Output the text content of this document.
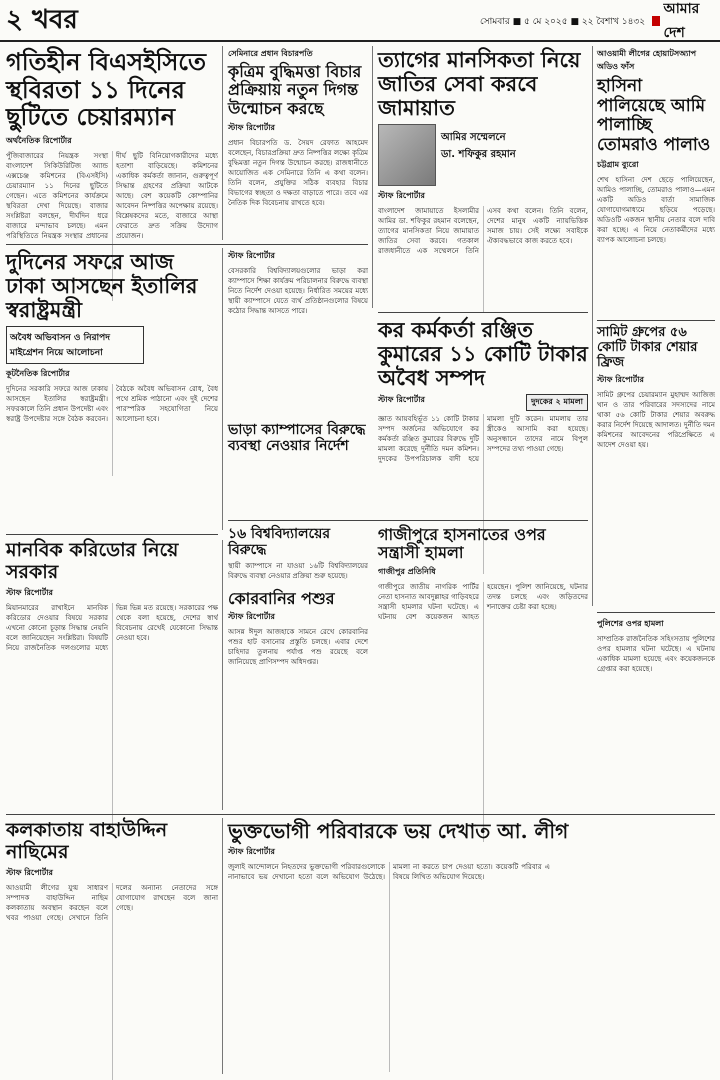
২ খবর	সোমবার ■ ৫ মে ২০২৫ ■ ২২ বৈশাখ ১৪৩২
আমার দেশ
গতিহীন বিএসইসিতে স্থবিরতা ১১ দিনের ছুটিতে চেয়ারম্যান
অর্থনৈতিক রিপোর্টার

পুঁজিবাজারের নিয়ন্ত্রক সংস্থা বাংলাদেশ সিকিউরিটিজ অ্যান্ড এক্সচেঞ্জ কমিশনের (বিএসইসি) চেয়ারম্যান ১১ দিনের ছুটিতে গেছেন। এতে কমিশনের কার্যক্রমে স্থবিরতা দেখা দিয়েছে। বাজার সংশ্লিষ্টরা বলছেন, দীর্ঘদিন ধরে বাজারে মন্দাভাব চলছে। এমন পরিস্থিতিতে নিয়ন্ত্রক সংস্থার প্রধানের দীর্ঘ ছুটি বিনিয়োগকারীদের মধ্যে হতাশা বাড়িয়েছে। কমিশনের একাধিক কর্মকর্তা জানান, গুরুত্বপূর্ণ সিদ্ধান্ত গ্রহণের প্রক্রিয়া আটকে আছে। বেশ কয়েকটি কোম্পানির আবেদন নিষ্পত্তির অপেক্ষায় রয়েছে। বিশ্লেষকদের মতে, বাজারে আস্থা ফেরাতে দ্রুত সক্রিয় উদ্যোগ প্রয়োজন।

সেমিনারে প্রধান বিচারপতি
কৃত্রিম বুদ্ধিমত্তা বিচার প্রক্রিয়ায় নতুন দিগন্ত উন্মোচন করছে
স্টাফ রিপোর্টার

প্রধান বিচারপতি ড. সৈয়দ রেফাত আহমেদ বলেছেন, বিচারপ্রক্রিয়া দ্রুত নিষ্পত্তির লক্ষ্যে কৃত্রিম বুদ্ধিমত্তা নতুন দিগন্ত উন্মোচন করছে। রাজধানীতে আয়োজিত এক সেমিনারে তিনি এ কথা বলেন। তিনি বলেন, প্রযুক্তির সঠিক ব্যবহার বিচার বিভাগের স্বচ্ছতা ও দক্ষতা বাড়াতে পারে। তবে এর নৈতিক দিক বিবেচনায় রাখতে হবে।

ত্যাগের মানসিকতা নিয়ে জাতির সেবা করবে জামায়াত
আমির সম্মেলনে ডা. শফিকুর রহমান
স্টাফ রিপোর্টার

বাংলাদেশ জামায়াতে ইসলামীর আমির ডা. শফিকুর রহমান বলেছেন, ত্যাগের মানসিকতা নিয়ে জামায়াত জাতির সেবা করবে। গতকাল রাজধানীতে এক সম্মেলনে তিনি এসব কথা বলেন। তিনি বলেন, দেশের মানুষ একটি ন্যায়ভিত্তিক সমাজ চায়। সেই লক্ষ্যে সবাইকে ঐক্যবদ্ধভাবে কাজ করতে হবে।

আওয়ামী লীগের হোয়াটসঅ্যাপ অডিও ফাঁস
হাসিনা পালিয়েছে আমি পালাচ্ছি তোমরাও পালাও
চট্টগ্রাম ব্যুরো

শেখ হাসিনা দেশ ছেড়ে পালিয়েছেন, আমিও পালাচ্ছি, তোমরাও পালাও—এমন একটি অডিও বার্তা সামাজিক যোগাযোগমাধ্যমে ছড়িয়ে পড়েছে। অডিওটি একজন স্থানীয় নেতার বলে দাবি করা হচ্ছে। এ নিয়ে নেতাকর্মীদের মধ্যে ব্যাপক আলোচনা চলছে।

সামিট গ্রুপের ৫৬ কোটি টাকার শেয়ার ফ্রিজ
স্টাফ রিপোর্টার

সামিট গ্রুপের চেয়ারম্যান মুহাম্মদ আজিজ খান ও তার পরিবারের সদস্যদের নামে থাকা ৫৬ কোটি টাকার শেয়ার অবরুদ্ধ করার নির্দেশ দিয়েছে আদালত। দুর্নীতি দমন কমিশনের আবেদনের পরিপ্রেক্ষিতে এ আদেশ দেওয়া হয়।

দুদিনের সফরে আজ ঢাকা আসছেন ইতালির স্বরাষ্ট্রমন্ত্রী
অবৈধ অভিবাসন ও নিরাপদ মাইগ্রেশন নিয়ে আলোচনা
কূটনৈতিক রিপোর্টার

দুদিনের সরকারি সফরে আজ ঢাকায় আসছেন ইতালির স্বরাষ্ট্রমন্ত্রী। সফরকালে তিনি প্রধান উপদেষ্টা এবং স্বরাষ্ট্র উপদেষ্টার সঙ্গে বৈঠক করবেন। বৈঠকে অবৈধ অভিবাসন রোধ, বৈধ পথে শ্রমিক পাঠানো এবং দুই দেশের পারস্পরিক সহযোগিতা নিয়ে আলোচনা হবে।

স্টাফ রিপোর্টার

বেসরকারি বিশ্ববিদ্যালয়গুলোর ভাড়া করা ক্যাম্পাসে শিক্ষা কার্যক্রম পরিচালনার বিরুদ্ধে ব্যবস্থা নিতে নির্দেশ দেওয়া হয়েছে। নির্ধারিত সময়ের মধ্যে স্থায়ী ক্যাম্পাসে যেতে ব্যর্থ প্রতিষ্ঠানগুলোর বিষয়ে কঠোর সিদ্ধান্ত আসতে পারে।

ভাড়া ক্যাম্পাসের বিরুদ্ধে ব্যবস্থা নেওয়ার নির্দেশ
কর কর্মকর্তা রঞ্জিত কুমারের ১১ কোটি টাকার অবৈধ সম্পদ
স্টাফ রিপোর্টার	দুদকের ২ মামলা

জ্ঞাত আয়বহির্ভূত ১১ কোটি টাকার সম্পদ অর্জনের অভিযোগে কর কর্মকর্তা রঞ্জিত কুমারের বিরুদ্ধে দুটি মামলা করেছে দুর্নীতি দমন কমিশন। দুদকের উপপরিচালক বাদী হয়ে মামলা দুটি করেন। মামলায় তার স্ত্রীকেও আসামি করা হয়েছে। অনুসন্ধানে তাদের নামে বিপুল সম্পদের তথ্য পাওয়া গেছে।

১৬ বিশ্ববিদ্যালয়ের বিরুদ্ধে

স্থায়ী ক্যাম্পাসে না যাওয়া ১৬টি বিশ্ববিদ্যালয়ের বিরুদ্ধে ব্যবস্থা নেওয়ার প্রক্রিয়া শুরু হয়েছে।

গাজীপুরে হাসনাতের ওপর সন্ত্রাসী হামলা
গাজীপুর প্রতিনিধি

গাজীপুরে জাতীয় নাগরিক পার্টির নেতা হাসনাত আবদুল্লাহর গাড়িবহরে সন্ত্রাসী হামলার ঘটনা ঘটেছে। এ ঘটনায় বেশ কয়েকজন আহত হয়েছেন। পুলিশ জানিয়েছে, ঘটনার তদন্ত চলছে এবং জড়িতদের শনাক্তের চেষ্টা করা হচ্ছে।

মানবিক করিডোর নিয়ে সরকার
স্টাফ রিপোর্টার

মিয়ানমারের রাখাইনে মানবিক করিডোর দেওয়ার বিষয়ে সরকার এখনো কোনো চূড়ান্ত সিদ্ধান্ত নেয়নি বলে জানিয়েছেন সংশ্লিষ্টরা। বিষয়টি নিয়ে রাজনৈতিক দলগুলোর মধ্যে ভিন্ন ভিন্ন মত রয়েছে। সরকারের পক্ষ থেকে বলা হয়েছে, দেশের স্বার্থ বিবেচনায় রেখেই যেকোনো সিদ্ধান্ত নেওয়া হবে।

কোরবানির পশুর
স্টাফ রিপোর্টার

আসন্ন ঈদুল আজহাকে সামনে রেখে কোরবানির পশুর হাট বসানোর প্রস্তুতি চলছে। এবার দেশে চাহিদার তুলনায় পর্যাপ্ত পশু রয়েছে বলে জানিয়েছে প্রাণিসম্পদ অধিদপ্তর।

পুলিশের ওপর হামলা

সাম্প্রতিক রাজনৈতিক সহিংসতায় পুলিশের ওপর হামলার ঘটনা ঘটেছে। এ ঘটনায় একাধিক মামলা হয়েছে এবং কয়েকজনকে গ্রেপ্তার করা হয়েছে।

কলকাতায় বাহাউদ্দিন নাছিমের
স্টাফ রিপোর্টার

আওয়ামী লীগের যুগ্ম সাধারণ সম্পাদক বাহাউদ্দিন নাছিম কলকাতায় অবস্থান করছেন বলে খবর পাওয়া গেছে। সেখানে তিনি দলের অন্যান্য নেতাদের সঙ্গে যোগাযোগ রাখছেন বলে জানা গেছে।

ভুক্তভোগী পরিবারকে ভয় দেখাত আ. লীগ
স্টাফ রিপোর্টার

জুলাই আন্দোলনে নিহতদের ভুক্তভোগী পরিবারগুলোকে নানাভাবে ভয় দেখানো হতো বলে অভিযোগ উঠেছে। মামলা না করতে চাপ দেওয়া হতো। কয়েকটি পরিবার এ বিষয়ে লিখিত অভিযোগ দিয়েছে।
